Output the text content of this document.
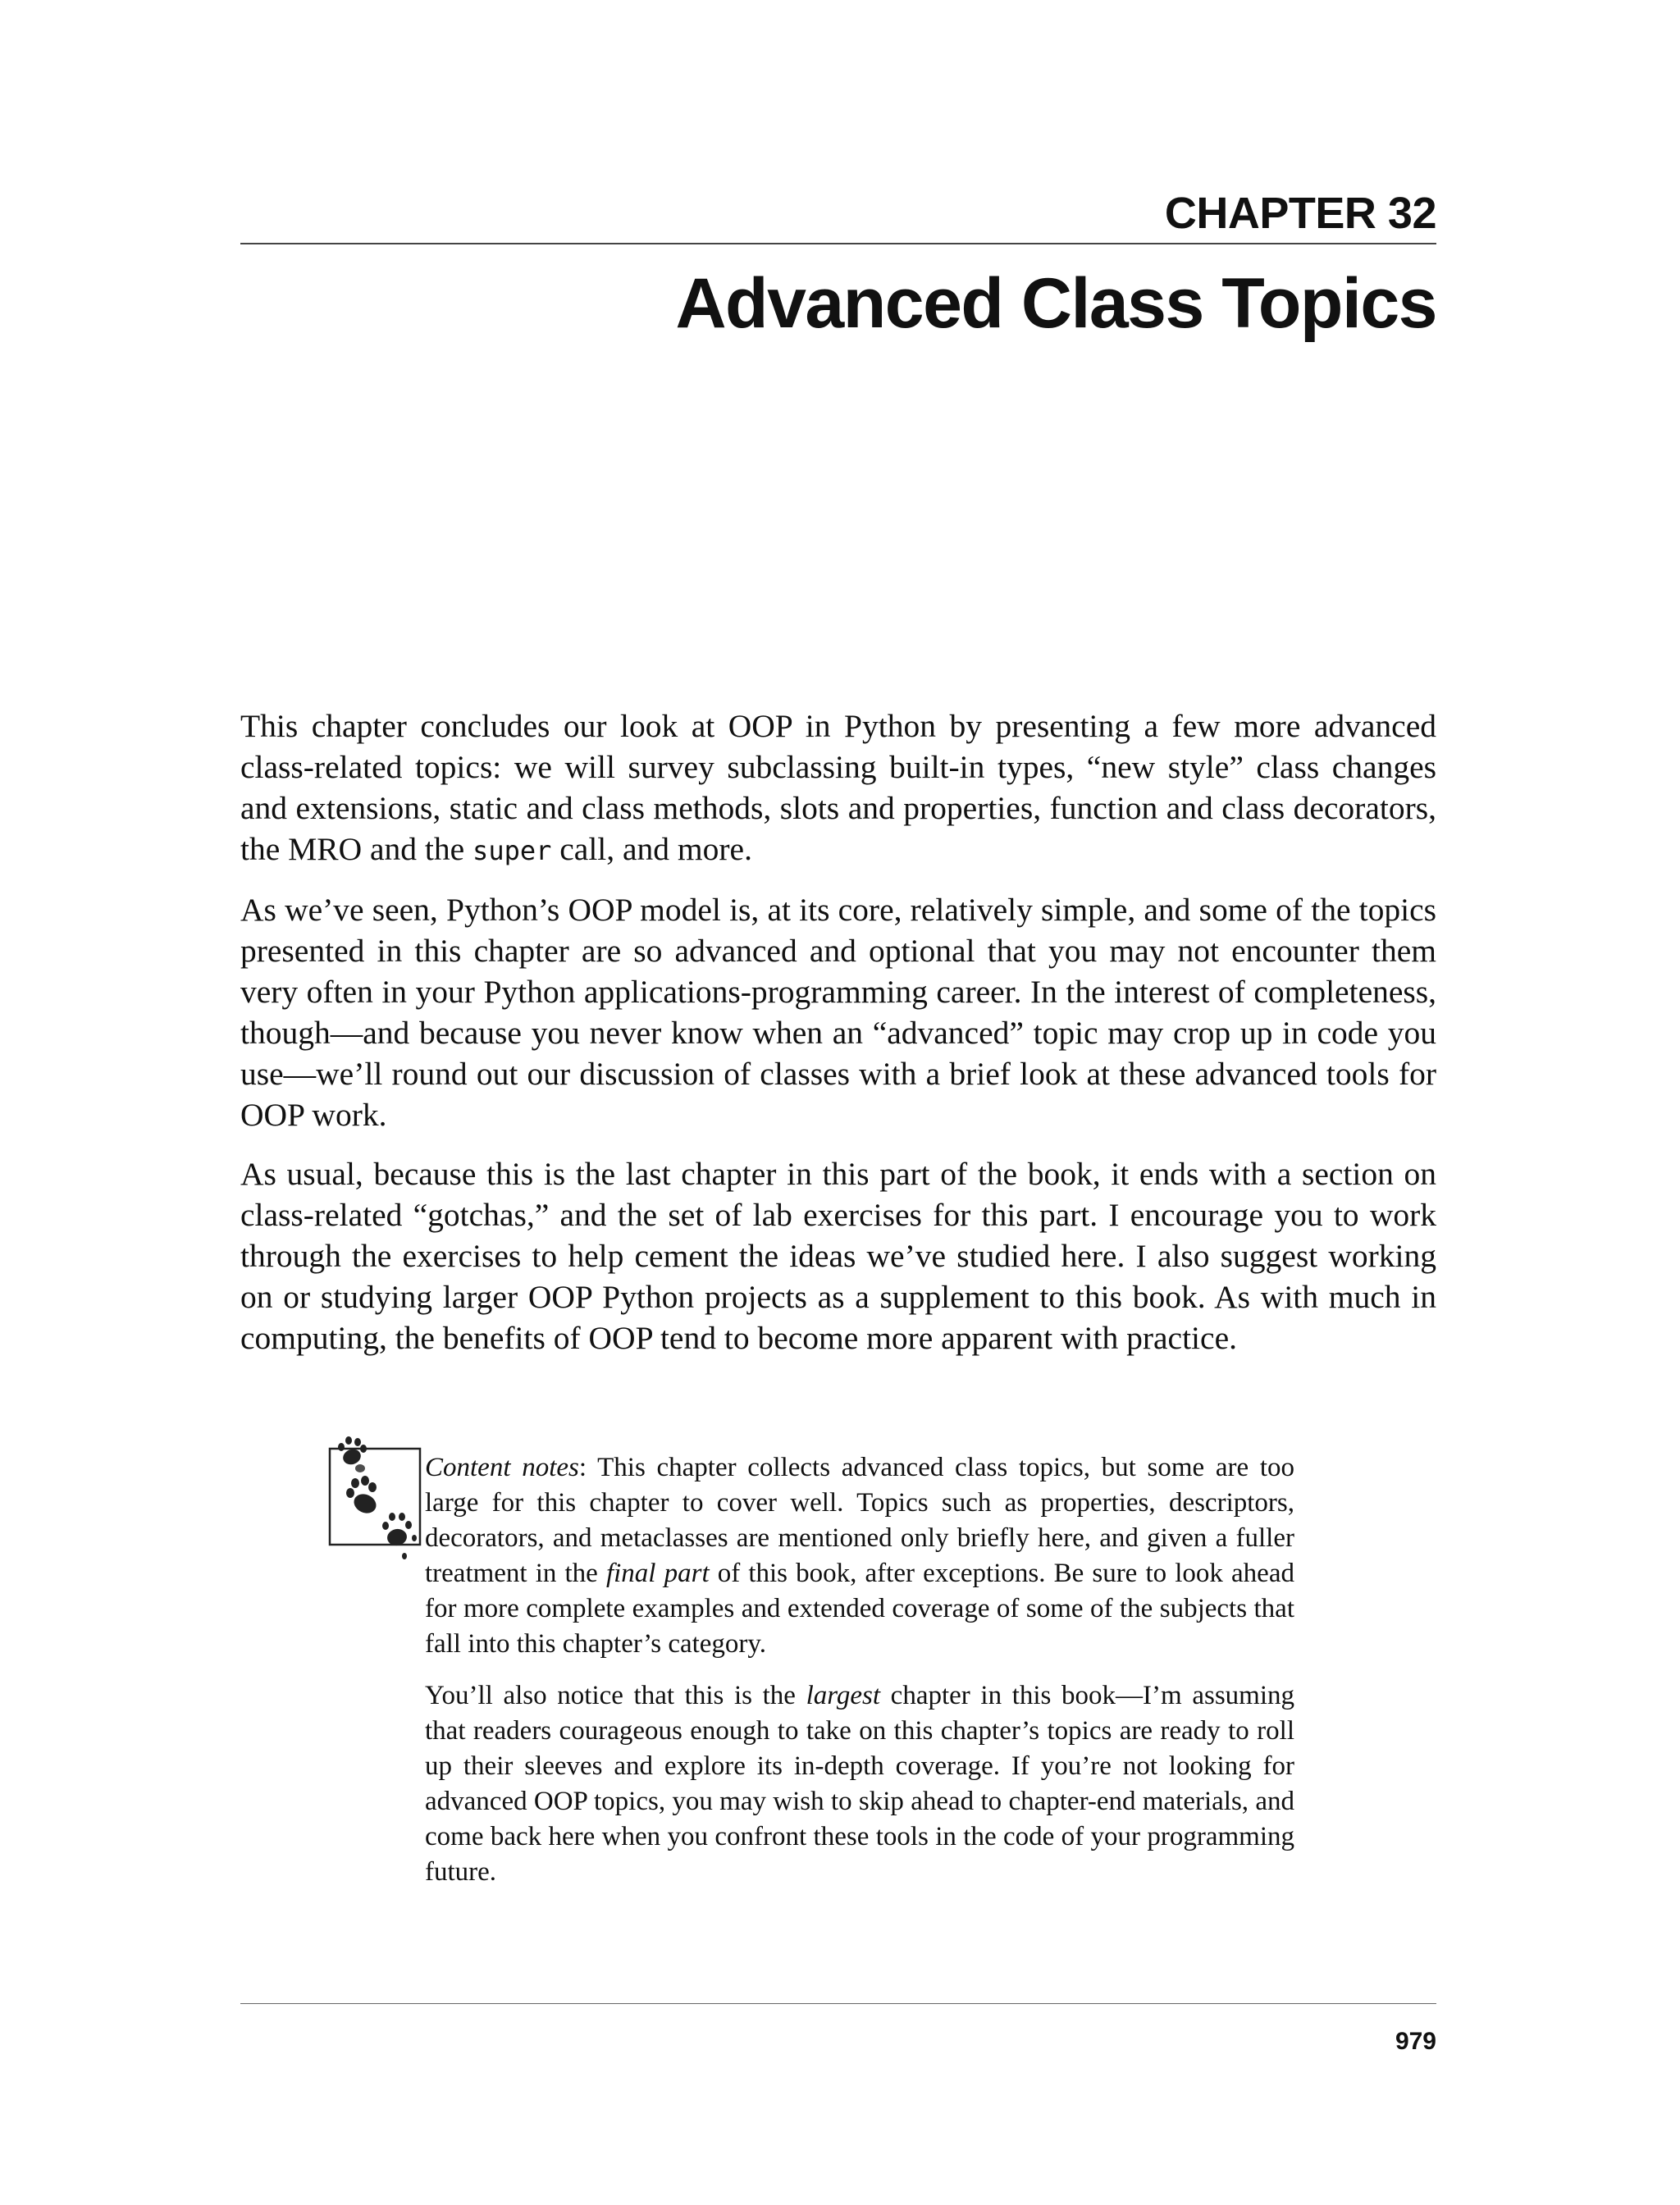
CHAPTER 32
Advanced Class Topics

This chapter concludes our look at OOP in Python by presenting a few more advanced class-related topics: we will survey subclassing built-in types, “new style” class changes and extensions, static and class methods, slots and properties, function and class decorators, the MRO and the super call, and more.

As we’ve seen, Python’s OOP model is, at its core, relatively simple, and some of the topics presented in this chapter are so advanced and optional that you may not encounter them very often in your Python applications-programming career. In the interest of completeness, though—and because you never know when an “advanced” topic may crop up in code you use—we’ll round out our discussion of classes with a brief look at these advanced tools for OOP work.

As usual, because this is the last chapter in this part of the book, it ends with a section on class-related “gotchas,” and the set of lab exercises for this part. I encourage you to work through the exercises to help cement the ideas we’ve studied here. I also suggest working on or studying larger OOP Python projects as a supplement to this book. As with much in computing, the benefits of OOP tend to become more apparent with practice.

Content notes: This chapter collects advanced class topics, but some are too large for this chapter to cover well. Topics such as properties, descriptors, decorators, and metaclasses are mentioned only briefly here, and given a fuller treatment in the final part of this book, after exceptions. Be sure to look ahead for more complete examples and extended coverage of some of the subjects that fall into this chapter’s category.

You’ll also notice that this is the largest chapter in this book—I’m assuming that readers courageous enough to take on this chapter’s topics are ready to roll up their sleeves and explore its in-depth coverage. If you’re not looking for advanced OOP topics, you may wish to skip ahead to chapter-end materials, and come back here when you confront these tools in the code of your programming future.

979
